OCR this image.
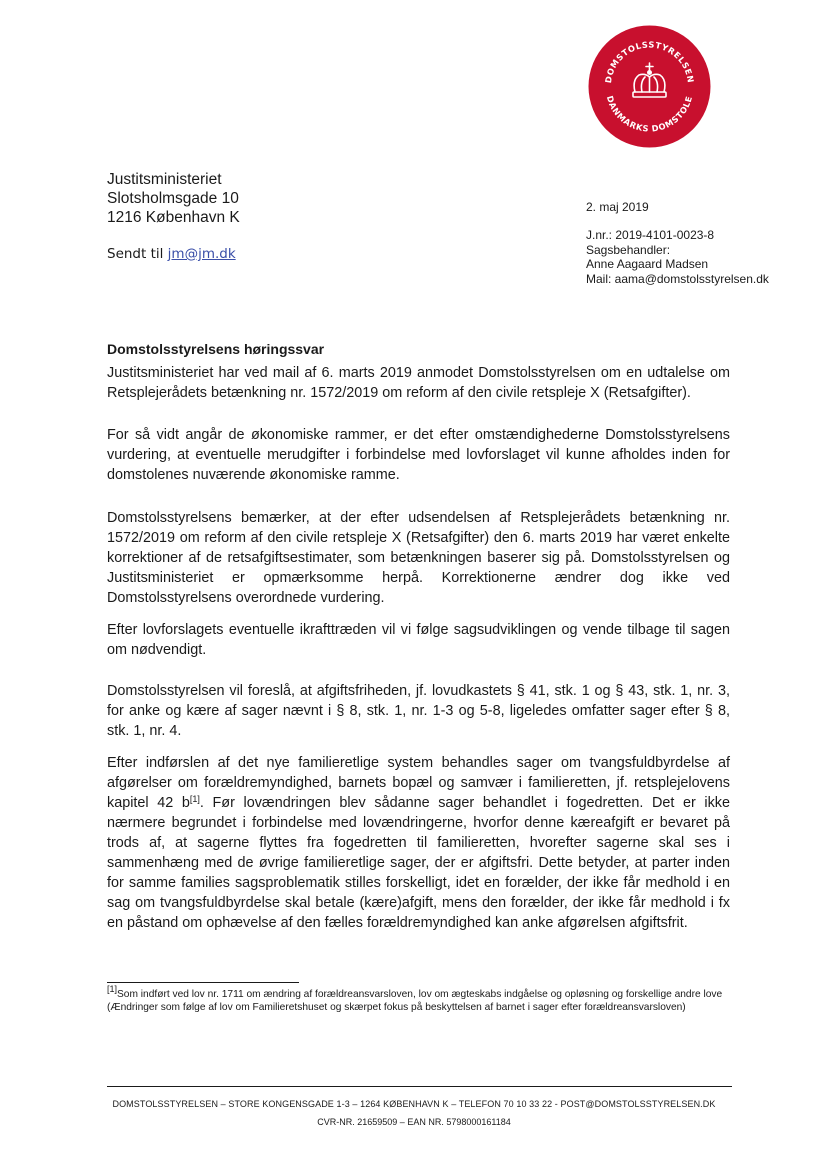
DOMSTOLSSTYRELSEN
DANMARKS DOMSTOLE
Justitsministeriet
Slotsholmsgade 10
1216 København K
Sendt til jm@jm.dk
2. maj 2019
J.nr.: 2019-4101-0023-8
Sagsbehandler:
Anne Aagaard Madsen
Mail: aama@domstolsstyrelsen.dk
Domstolsstyrelsens høringssvar

Justitsministeriet har ved mail af 6. marts 2019 anmodet Domstolsstyrelsen om en udtalelse om Retsplejerådets betænkning nr. 1572/2019 om reform af den civile retspleje X (Retsafgifter).

For så vidt angår de økonomiske rammer, er det efter omstændighederne Domstolsstyrelsens vurdering, at eventuelle merudgifter i forbindelse med lovforslaget vil kunne afholdes inden for domstolenes nuværende økonomiske ramme.

Domstolsstyrelsens bemærker, at der efter udsendelsen af Retsplejerådets betænkning nr. 1572/2019 om reform af den civile retspleje X (Retsafgifter) den 6. marts 2019 har været enkelte korrektioner af de retsafgiftsestimater, som betænkningen baserer sig på. Domstolsstyrelsen og Justitsministeriet er opmærksomme herpå. Korrektionerne ændrer dog ikke ved Domstolsstyrelsens overordnede vurdering.

Efter lovforslagets eventuelle ikrafttræden vil vi følge sagsudviklingen og vende tilbage til sagen om nødvendigt.

Domstolsstyrelsen vil foreslå, at afgiftsfriheden, jf. lovudkastets § 41, stk. 1 og § 43, stk. 1, nr. 3, for anke og kære af sager nævnt i § 8, stk. 1, nr. 1-3 og 5-8, ligeledes omfatter sager efter § 8, stk. 1, nr. 4.

Efter indførslen af det nye familieretlige system behandles sager om tvangsfuldbyrdelse af afgørelser om forældremyndighed, barnets bopæl og samvær i familieretten, jf. retsplejelovens kapitel 42 b[1]. Før lovændringen blev sådanne sager behandlet i fogedretten. Det er ikke nærmere begrundet i forbindelse med lovændringerne, hvorfor denne kæreafgift er bevaret på trods af, at sagerne flyttes fra fogedretten til familieretten, hvorefter sagerne skal ses i sammenhæng med de øvrige familieretlige sager, der er afgiftsfri. Dette betyder, at parter inden for samme families sagsproblematik stilles forskelligt, idet en forælder, der ikke får medhold i en sag om tvangsfuldbyrdelse skal betale (kære)afgift, mens den forælder, der ikke får medhold i fx en påstand om ophævelse af den fælles forældremyndighed kan anke afgørelsen afgiftsfrit.

[1]Som indført ved lov nr. 1711 om ændring af forældreansvarsloven, lov om ægteskabs indgåelse og opløsning og forskellige andre love (Ændringer som følge af lov om Familieretshuset og skærpet fokus på beskyttelsen af barnet i sager efter forældreansvarsloven)
DOMSTOLSSTYRELSEN – STORE KONGENSGADE 1-3 – 1264 KØBENHAVN K – TELEFON 70 10 33 22 - POST@DOMSTOLSSTYRELSEN.DK
CVR-NR. 21659509 – EAN NR. 5798000161184
